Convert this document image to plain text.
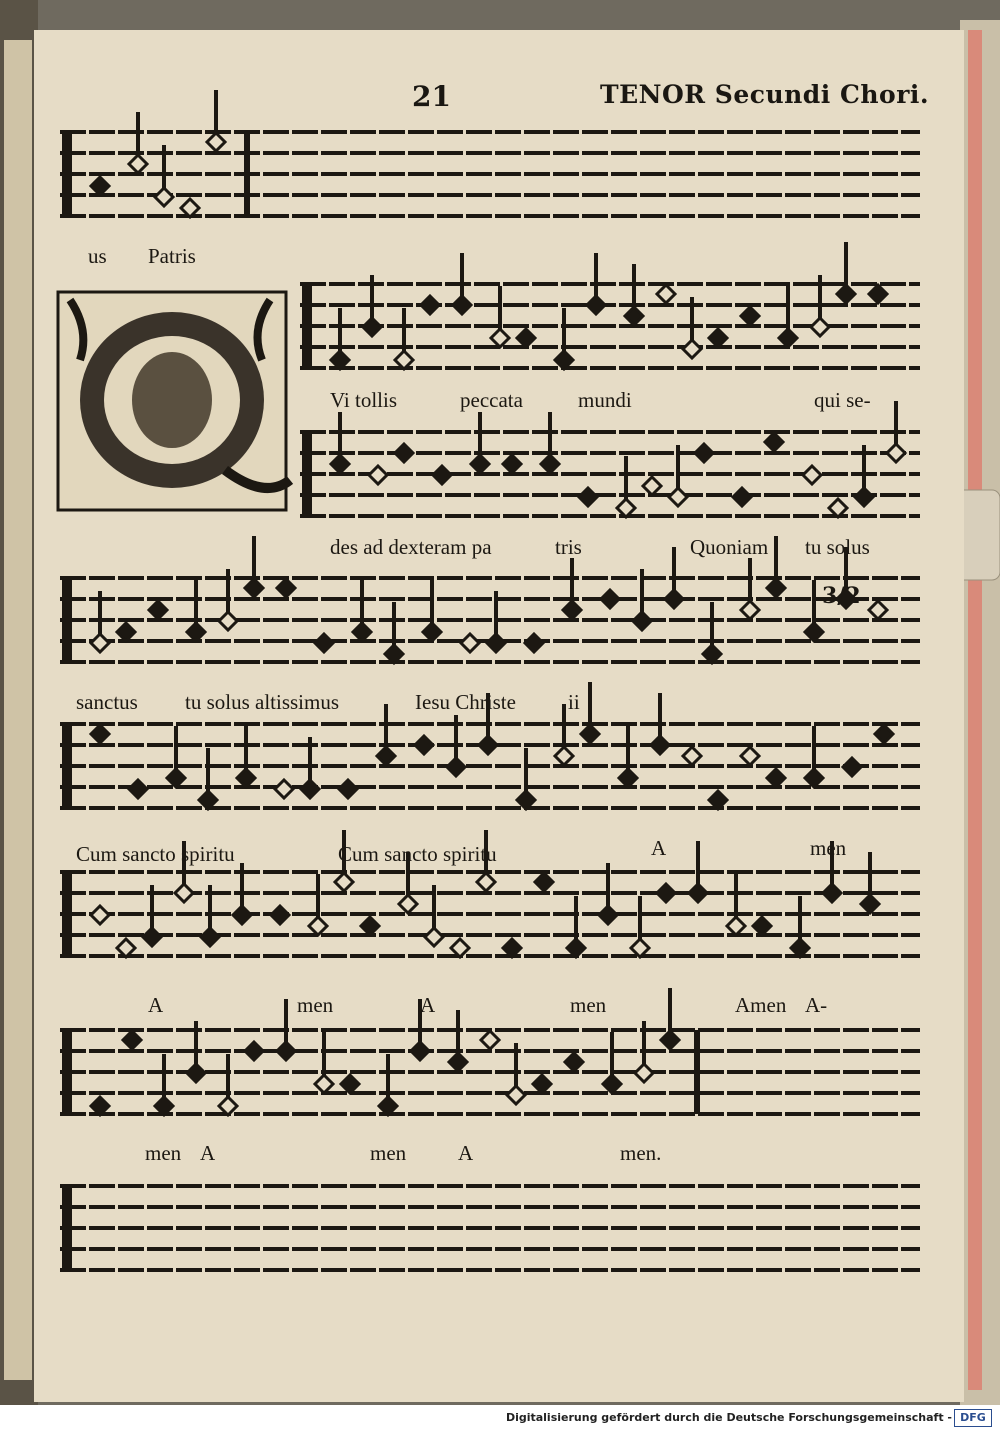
3/2
21	TENOR Secundi Chori.
us Patris
Vi tollis	peccata	mundi	qui se-
des ad dexteram pa	tris	Quoniam tu solus
sanctus tu solus altissimus	Iesu Christe ii
Cum sancto spiritu	Cum sancto spiritu	A	men
A	men	A	men	Amen A-
men A	men A	men.
Digitalisierung gefördert durch die Deutsche Forschungsgemeinschaft - DFG
